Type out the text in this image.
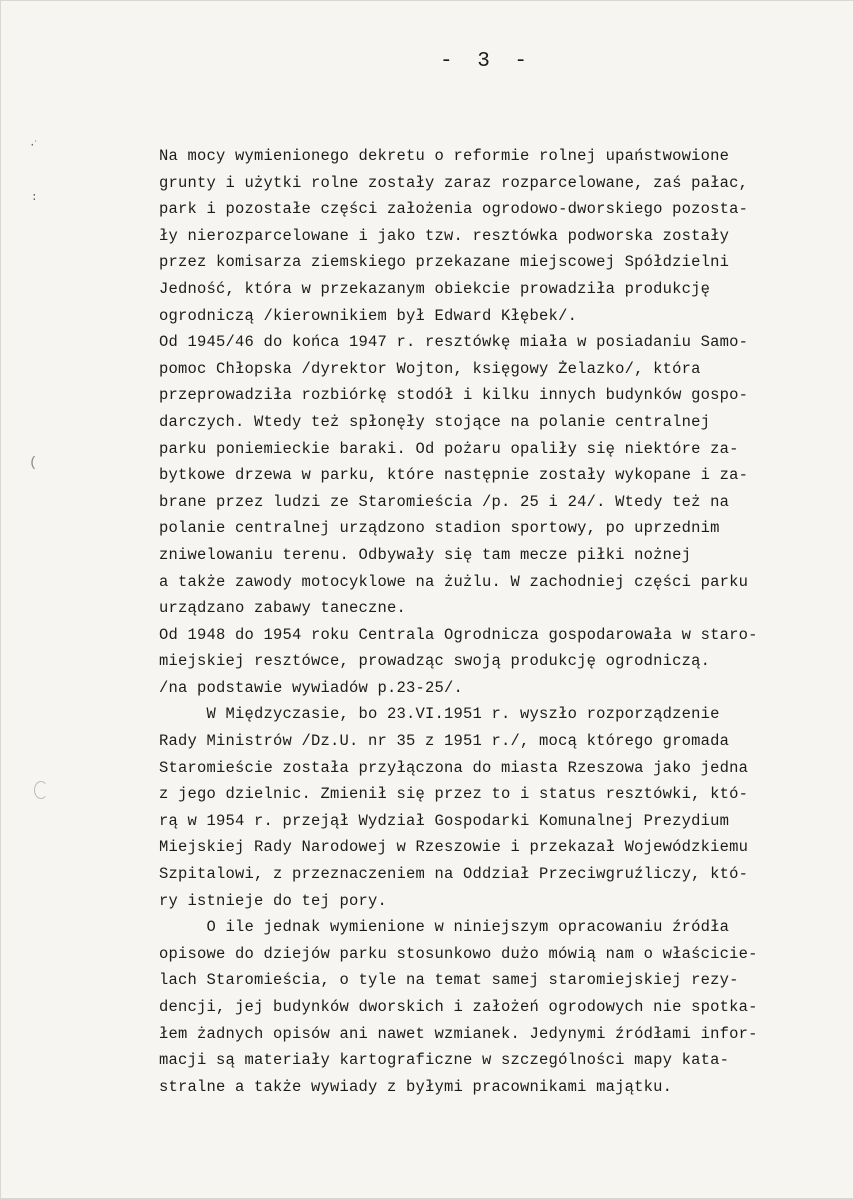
·̇
:
(
- 3 -
Na mocy wymienionego dekretu o reformie rolnej upaństwowione
grunty i użytki rolne zostały zaraz rozparcelowane, zaś pałac,
park i pozostałe części założenia ogrodowo-dworskiego pozosta-
ły nierozparcelowane i jako tzw. resztówka podworska zostały
przez komisarza ziemskiego przekazane miejscowej Spółdzielni
Jedność, która w przekazanym obiekcie prowadziła produkcję
ogrodniczą /kierownikiem był Edward Kłębek/.
Od 1945/46 do końca 1947 r. resztówkę miała w posiadaniu Samo-
pomoc Chłopska /dyrektor Wojton, księgowy Żelazko/, która
przeprowadziła rozbiórkę stodół i kilku innych budynków gospo-
darczych. Wtedy też spłonęły stojące na polanie centralnej
parku poniemieckie baraki. Od pożaru opaliły się niektóre za-
bytkowe drzewa w parku, które następnie zostały wykopane i za-
brane przez ludzi ze Staromieścia /p. 25 i 24/. Wtedy też na
polanie centralnej urządzono stadion sportowy, po uprzednim
zniwelowaniu terenu. Odbywały się tam mecze piłki nożnej
a także zawody motocyklowe na żużlu. W zachodniej części parku
urządzano zabawy taneczne.
Od 1948 do 1954 roku Centrala Ogrodnicza gospodarowała w staro-
miejskiej resztówce, prowadząc swoją produkcję ogrodniczą.
/na podstawie wywiadów p.23-25/.
W Międzyczasie, bo 23.VI.1951 r. wyszło rozporządzenie
Rady Ministrów /Dz.U. nr 35 z 1951 r./, mocą którego gromada
Staromieście została przyłączona do miasta Rzeszowa jako jedna
z jego dzielnic. Zmienił się przez to i status resztówki, któ-
rą w 1954 r. przejął Wydział Gospodarki Komunalnej Prezydium
Miejskiej Rady Narodowej w Rzeszowie i przekazał Wojewódzkiemu
Szpitalowi, z przeznaczeniem na Oddział Przeciwgruźliczy, któ-
ry istnieje do tej pory.
O ile jednak wymienione w niniejszym opracowaniu źródła
opisowe do dziejów parku stosunkowo dużo mówią nam o właściciе-
lach Staromieścia, o tyle na temat samej staromiejskiej rezy-
dencji, jej budynków dworskich i założeń ogrodowych nie spotka-
łem żadnych opisów ani nawet wzmianek. Jedynymi źródłami infor-
macji są materiały kartograficzne w szczególności mapy kata-
stralne a także wywiady z byłymi pracownikami majątku.
